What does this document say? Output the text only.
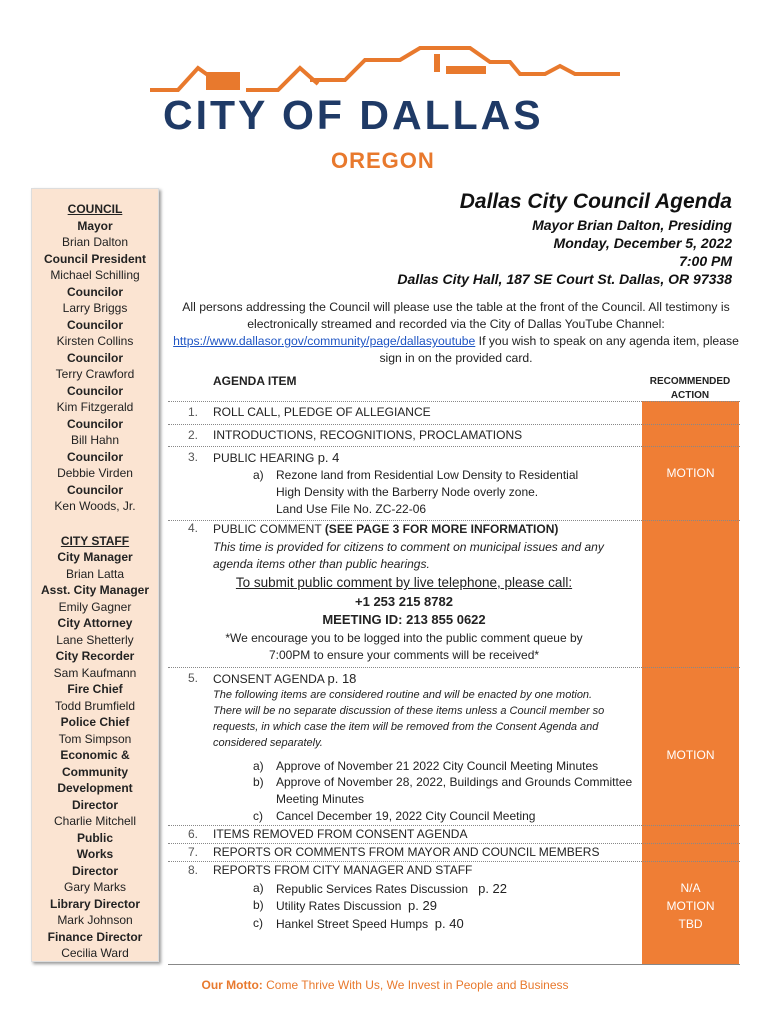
CITY OF DALLAS
OREGON
COUNCIL
Mayor
Brian Dalton
Council President
Michael Schilling
Councilor
Larry Briggs
Councilor
Kirsten Collins
Councilor
Terry Crawford
Councilor
Kim Fitzgerald
Councilor
Bill Hahn
Councilor
Debbie Virden
Councilor
Ken Woods, Jr.
CITY STAFF
City Manager
Brian Latta
Asst. City Manager
Emily Gagner
City Attorney
Lane Shetterly
City Recorder
Sam Kaufmann
Fire Chief
Todd Brumfield
Police Chief
Tom Simpson
Economic & Community Development Director
Charlie Mitchell
Public Works Director
Gary Marks
Library Director
Mark Johnson
Finance Director
Cecilia Ward
Dallas City Council Agenda
Mayor Brian Dalton, Presiding
Monday, December 5, 2022
7:00 PM
Dallas City Hall, 187 SE Court St. Dallas, OR 97338
All persons addressing the Council will please use the table at the front of the Council. All testimony is electronically streamed and recorded via the City of Dallas YouTube Channel: https://www.dallasor.gov/community/page/dallasyoutube If you wish to speak on any agenda item, please sign in on the provided card.
AGENDA ITEM	RECOMMENDED ACTION
1. ROLL CALL, PLEDGE OF ALLEGIANCE
2. INTRODUCTIONS, RECOGNITIONS, PROCLAMATIONS
3. PUBLIC HEARING p. 4
a) Rezone land from Residential Low Density to Residential
High Density with the Barberry Node overly zone.
Land Use File No. ZC-22-06
MOTION
4. PUBLIC COMMENT (SEE PAGE 3 FOR MORE INFORMATION)
This time is provided for citizens to comment on municipal issues and any
agenda items other than public hearings.
To submit public comment by live telephone, please call:
+1 253 215 8782
MEETING ID: 213 855 0622
*We encourage you to be logged into the public comment queue by
7:00PM to ensure your comments will be received*
5. CONSENT AGENDA p. 18
The following items are considered routine and will be enacted by one motion.
There will be no separate discussion of these items unless a Council member so
requests, in which case the item will be removed from the Consent Agenda and
considered separately.
a) Approve of November 21 2022 City Council Meeting Minutes
b) Approve of November 28, 2022, Buildings and Grounds Committee
Meeting Minutes
c) Cancel December 19, 2022 City Council Meeting
MOTION
6. ITEMS REMOVED FROM CONSENT AGENDA
7. REPORTS OR COMMENTS FROM MAYOR AND COUNCIL MEMBERS
8. REPORTS FROM CITY MANAGER AND STAFF
a) Republic Services Rates Discussion p. 22
b) Utility Rates Discussion p. 29
c) Hankel Street Speed Humps p. 40
N/A
MOTION
TBD
Our Motto: Come Thrive With Us, We Invest in People and Business
